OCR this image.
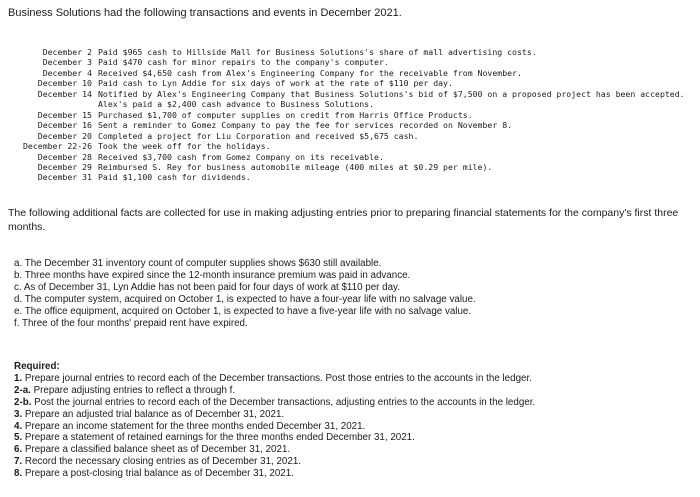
Business Solutions had the following transactions and events in December 2021.
December 2 Paid $965 cash to Hillside Mall for Business Solutions's share of mall advertising costs.
December 3 Paid $470 cash for minor repairs to the company's computer.
December 4 Received $4,650 cash from Alex's Engineering Company for the receivable from November.
December 10 Paid cash to Lyn Addie for six days of work at the rate of $110 per day.
December 14 Notified by Alex's Engineering Company that Business Solutions's bid of $7,500 on a proposed project has been accepted. Alex's paid a $2,400 cash advance to Business Solutions.
December 15 Purchased $1,700 of computer supplies on credit from Harris Office Products.
December 16 Sent a reminder to Gomez Company to pay the fee for services recorded on November 8.
December 20 Completed a project for Liu Corporation and received $5,675 cash.
December 22-26 Took the week off for the holidays.
December 28 Received $3,700 cash from Gomez Company on its receivable.
December 29 Reimbursed S. Rey for business automobile mileage (400 miles at $0.29 per mile).
December 31 Paid $1,100 cash for dividends.
The following additional facts are collected for use in making adjusting entries prior to preparing financial statements for the company's first three months.
a. The December 31 inventory count of computer supplies shows $630 still available.
b. Three months have expired since the 12-month insurance premium was paid in advance.
c. As of December 31, Lyn Addie has not been paid for four days of work at $110 per day.
d. The computer system, acquired on October 1, is expected to have a four-year life with no salvage value.
e. The office equipment, acquired on October 1, is expected to have a five-year life with no salvage value.
f. Three of the four months' prepaid rent have expired.
Required:
1. Prepare journal entries to record each of the December transactions. Post those entries to the accounts in the ledger.
2-a. Prepare adjusting entries to reflect a through f.
2-b. Post the journal entries to record each of the December transactions, adjusting entries to the accounts in the ledger.
3. Prepare an adjusted trial balance as of December 31, 2021.
4. Prepare an income statement for the three months ended December 31, 2021.
5. Prepare a statement of retained earnings for the three months ended December 31, 2021.
6. Prepare a classified balance sheet as of December 31, 2021.
7. Record the necessary closing entries as of December 31, 2021.
8. Prepare a post-closing trial balance as of December 31, 2021.
